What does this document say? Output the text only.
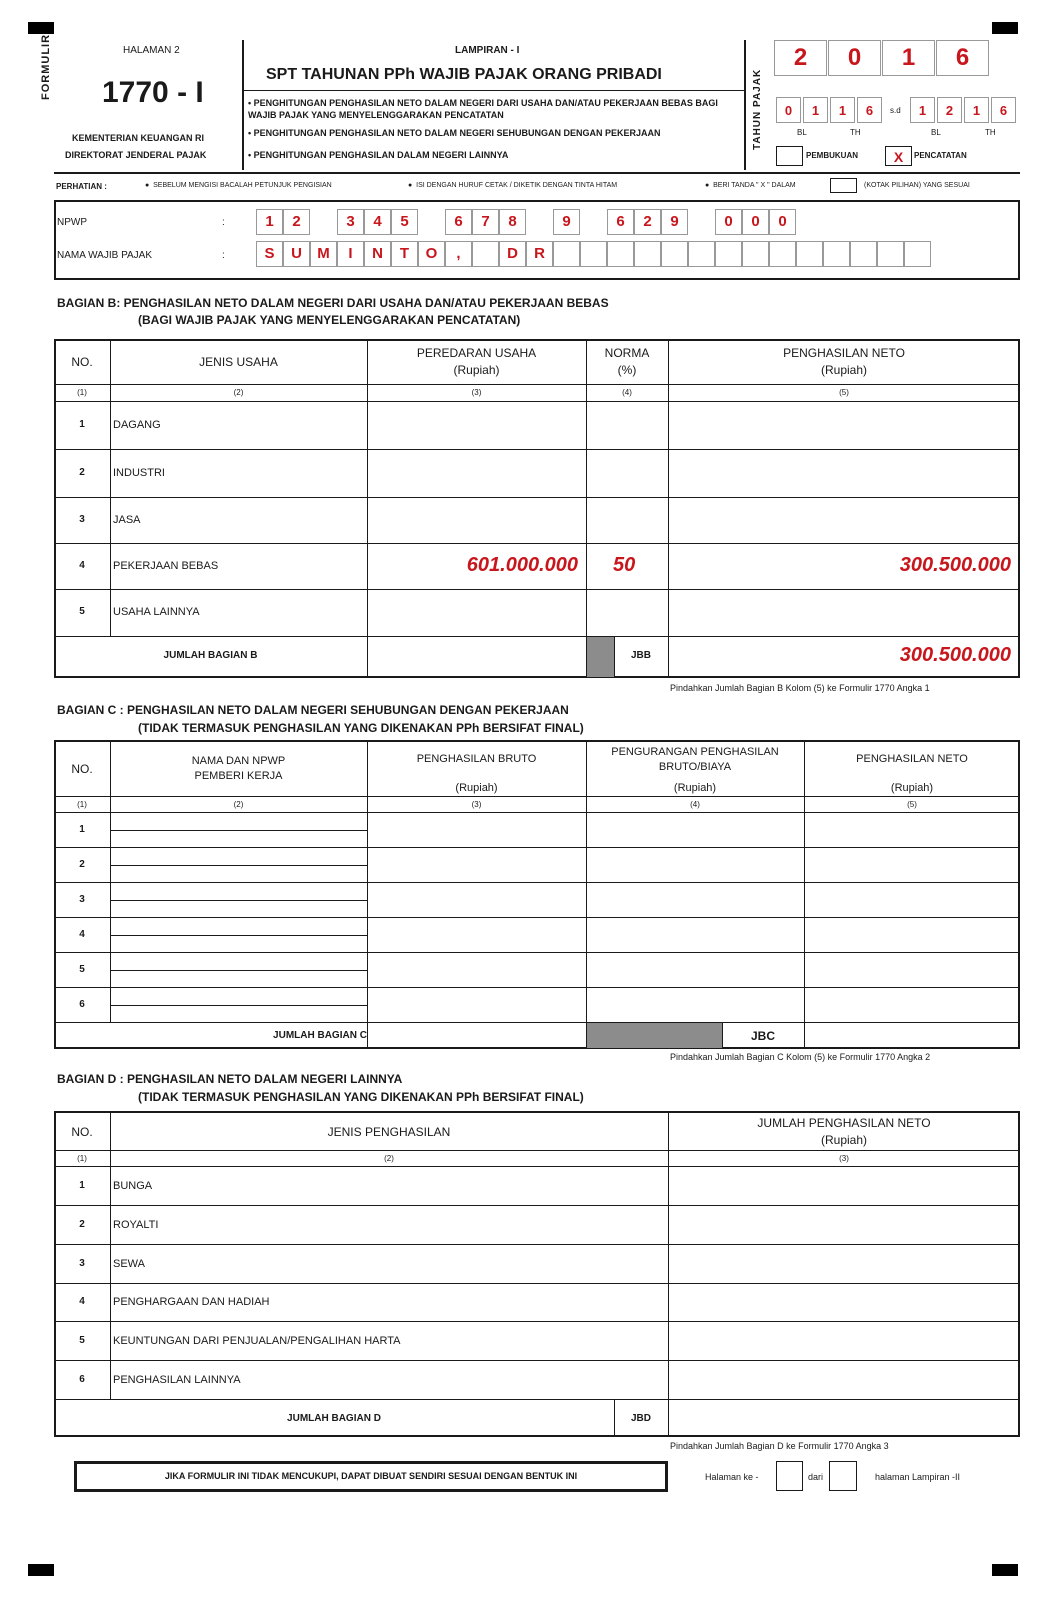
FORMULIR	HALAMAN 2
1770 - I
KEMENTERIAN KEUANGAN RI
DIREKTORAT JENDERAL PAJAK
LAMPIRAN - I
SPT TAHUNAN PPh WAJIB PAJAK ORANG PRIBADI
• PENGHITUNGAN PENGHASILAN NETO DALAM NEGERI DARI USAHA DAN/ATAU PEKERJAAN BEBAS BAGI WAJIB PAJAK YANG MENYELENGGARAKAN PENCATATAN
• PENGHITUNGAN PENGHASILAN NETO DALAM NEGERI SEHUBUNGAN DENGAN PEKERJAAN
• PENGHITUNGAN PENGHASILAN DALAM NEGERI LAINNYA
TAHUN PAJAK
2	0	1	6
0	1	1	6	s.d	1	2	1	6
BL	TH	BL	TH
PEMBUKUAN	X	PENCATATAN
PERHATIAN :	●  SEBELUM MENGISI BACALAH PETUNJUK PENGISIAN	●  ISI DENGAN HURUF CETAK / DIKETIK DENGAN TINTA HITAM	●  BERI TANDA " X " DALAM	(KOTAK PILIHAN) YANG SESUAI
NPWP	:
NAMA WAJIB PAJAK	:
1	2	3	4	5	6	7	8	9	6	2	9	0	0	0
S	U	M	I	N	T	O	,	D	R
BAGIAN B: PENGHASILAN NETO DALAM NEGERI DARI USAHA DAN/ATAU PEKERJAAN BEBAS
(BAGI WAJIB PAJAK YANG MENYELENGGARAKAN PENCATATAN)
NO.	JENIS USAHA
PEREDARAN USAHA
(Rupiah)
NORMA
(%)
PENGHASILAN NETO
(Rupiah)
(1)	(2)	(3)	(4)	(5)
1	DAGANG
2	INDUSTRI
3	JASA
4	PEKERJAAN BEBAS	601.000.000 50	300.500.000
5	USAHA LAINNYA
JUMLAH BAGIAN B	JBB	300.500.000
Pindahkan Jumlah Bagian B Kolom (5) ke Formulir 1770 Angka 1
BAGIAN C : PENGHASILAN NETO DALAM NEGERI SEHUBUNGAN DENGAN PEKERJAAN
(TIDAK TERMASUK PENGHASILAN YANG DIKENAKAN PPh BERSIFAT FINAL)
NO.
NAMA DAN NPWP
PEMBERI KERJA
PENGHASILAN BRUTO
(Rupiah)
PENGURANGAN PENGHASILAN
BRUTO/BIAYA
(Rupiah)
PENGHASILAN NETO
(Rupiah)
(1)	(2)	(3)	(4)	(5)
1
2
3
4
5
6
JUMLAH BAGIAN C	JBC
Pindahkan Jumlah Bagian C Kolom (5) ke Formulir 1770 Angka 2
BAGIAN D : PENGHASILAN NETO DALAM NEGERI LAINNYA
(TIDAK TERMASUK PENGHASILAN YANG DIKENAKAN PPh BERSIFAT FINAL)
NO.	JENIS PENGHASILAN
JUMLAH PENGHASILAN NETO
(Rupiah)
(1)	(2)	(3)
1	BUNGA
2	ROYALTI
3	SEWA
4	PENGHARGAAN DAN HADIAH
5	KEUNTUNGAN DARI PENJUALAN/PENGALIHAN HARTA
6	PENGHASILAN LAINNYA
JUMLAH BAGIAN D	JBD
Pindahkan Jumlah Bagian D ke Formulir 1770 Angka 3
JIKA FORMULIR INI TIDAK MENCUKUPI, DAPAT DIBUAT SENDIRI SESUAI DENGAN BENTUK INI	Halaman ke -	dari	halaman Lampiran -II
